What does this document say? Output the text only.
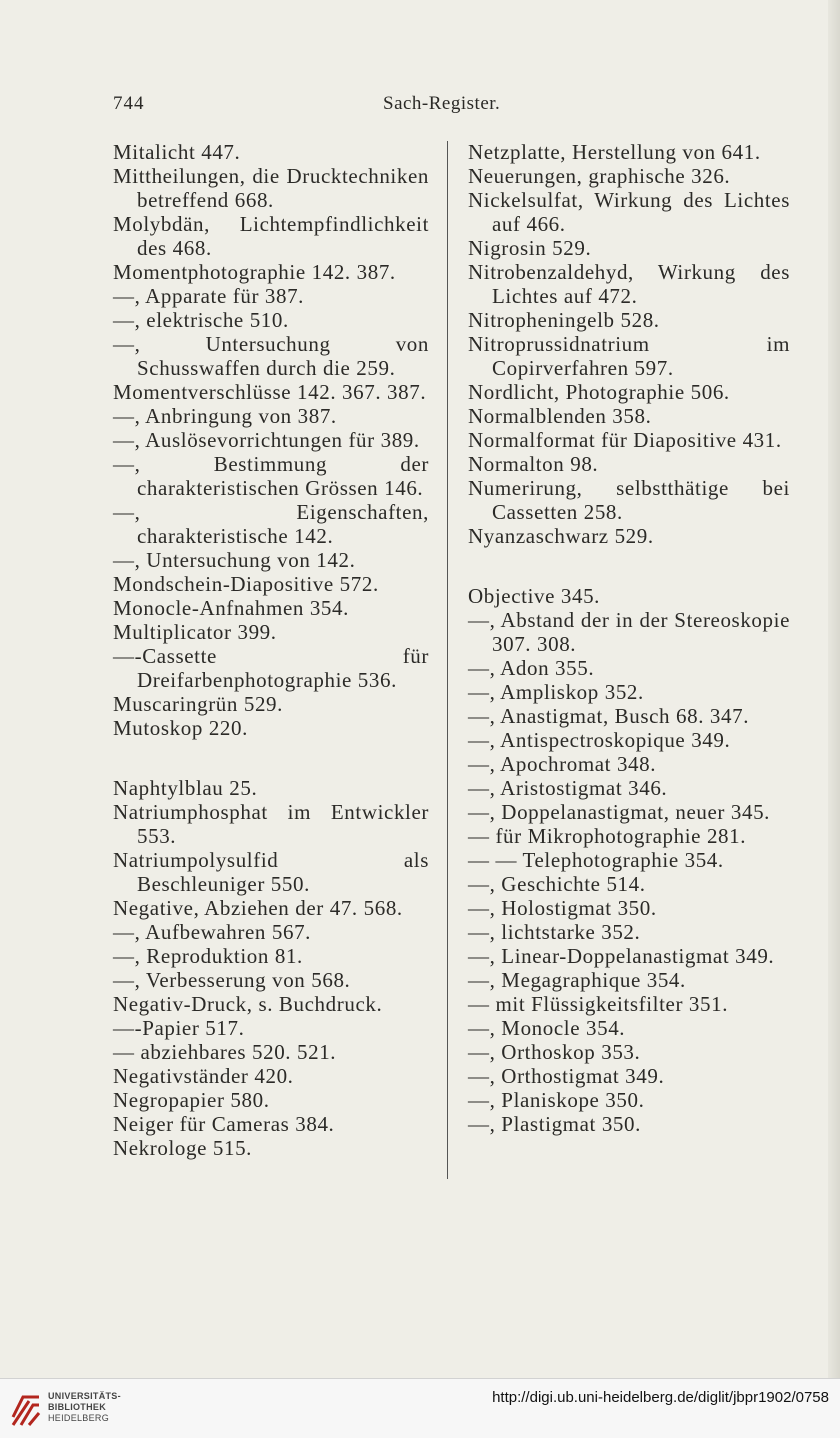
744	Sach-Register.
Mitalicht 447.
Mittheilungen, die Drucktechniken betreffend 668.
Molybdän, Lichtempfindlichkeit des 468.
Momentphotographie 142. 387.
—, Apparate für 387.
—, elektrische 510.
—, Untersuchung von Schusswaffen durch die 259.
Momentverschlüsse 142. 367. 387.
—, Anbringung von 387.
—, Auslösevorrichtungen für 389.
—, Bestimmung der charakteristischen Grössen 146.
—, Eigenschaften, charakteristische 142.
—, Untersuchung von 142.
Mondschein-Diapositive 572.
Monocle-Anfnahmen 354.
Multiplicator 399.
—-Cassette für Dreifarbenphotographie 536.
Muscaringrün 529.
Mutoskop 220.
Naphtylblau 25.
Natriumphosphat im Entwickler 553.
Natriumpolysulfid als Beschleuniger 550.
Negative, Abziehen der 47. 568.
—, Aufbewahren 567.
—, Reproduktion 81.
—, Verbesserung von 568.
Negativ-Druck, s. Buchdruck.
—-Papier 517.
— abziehbares 520. 521.
Negativständer 420.
Negropapier 580.
Neiger für Cameras 384.
Nekrologe 515.
Netzplatte, Herstellung von 641.
Neuerungen, graphische 326.
Nickelsulfat, Wirkung des Lichtes auf 466.
Nigrosin 529.
Nitrobenzaldehyd, Wirkung des Lichtes auf 472.
Nitropheningelb 528.
Nitroprussidnatrium im Copirverfahren 597.
Nordlicht, Photographie 506.
Normalblenden 358.
Normalformat für Diapositive 431.
Normalton 98.
Numerirung, selbstthätige bei Cassetten 258.
Nyanzaschwarz 529.
Objective 345.
—, Abstand der in der Stereoskopie 307. 308.
—, Adon 355.
—, Ampliskop 352.
—, Anastigmat, Busch 68. 347.
—, Antispectroskopique 349.
—, Apochromat 348.
—, Aristostigmat 346.
—, Doppelanastigmat, neuer 345.
— für Mikrophotographie 281.
— — Telephotographie 354.
—, Geschichte 514.
—, Holostigmat 350.
—, lichtstarke 352.
—, Linear-Doppelanastigmat 349.
—, Megagraphique 354.
— mit Flüssigkeitsfilter 351.
—, Monocle 354.
—, Orthoskop 353.
—, Orthostigmat 349.
—, Planiskope 350.
—, Plastigmat 350.
UNIVERSITÄTS-
BIBLIOTHEK
HEIDELBERG
http://digi.ub.uni-heidelberg.de/diglit/jbpr1902/0758
